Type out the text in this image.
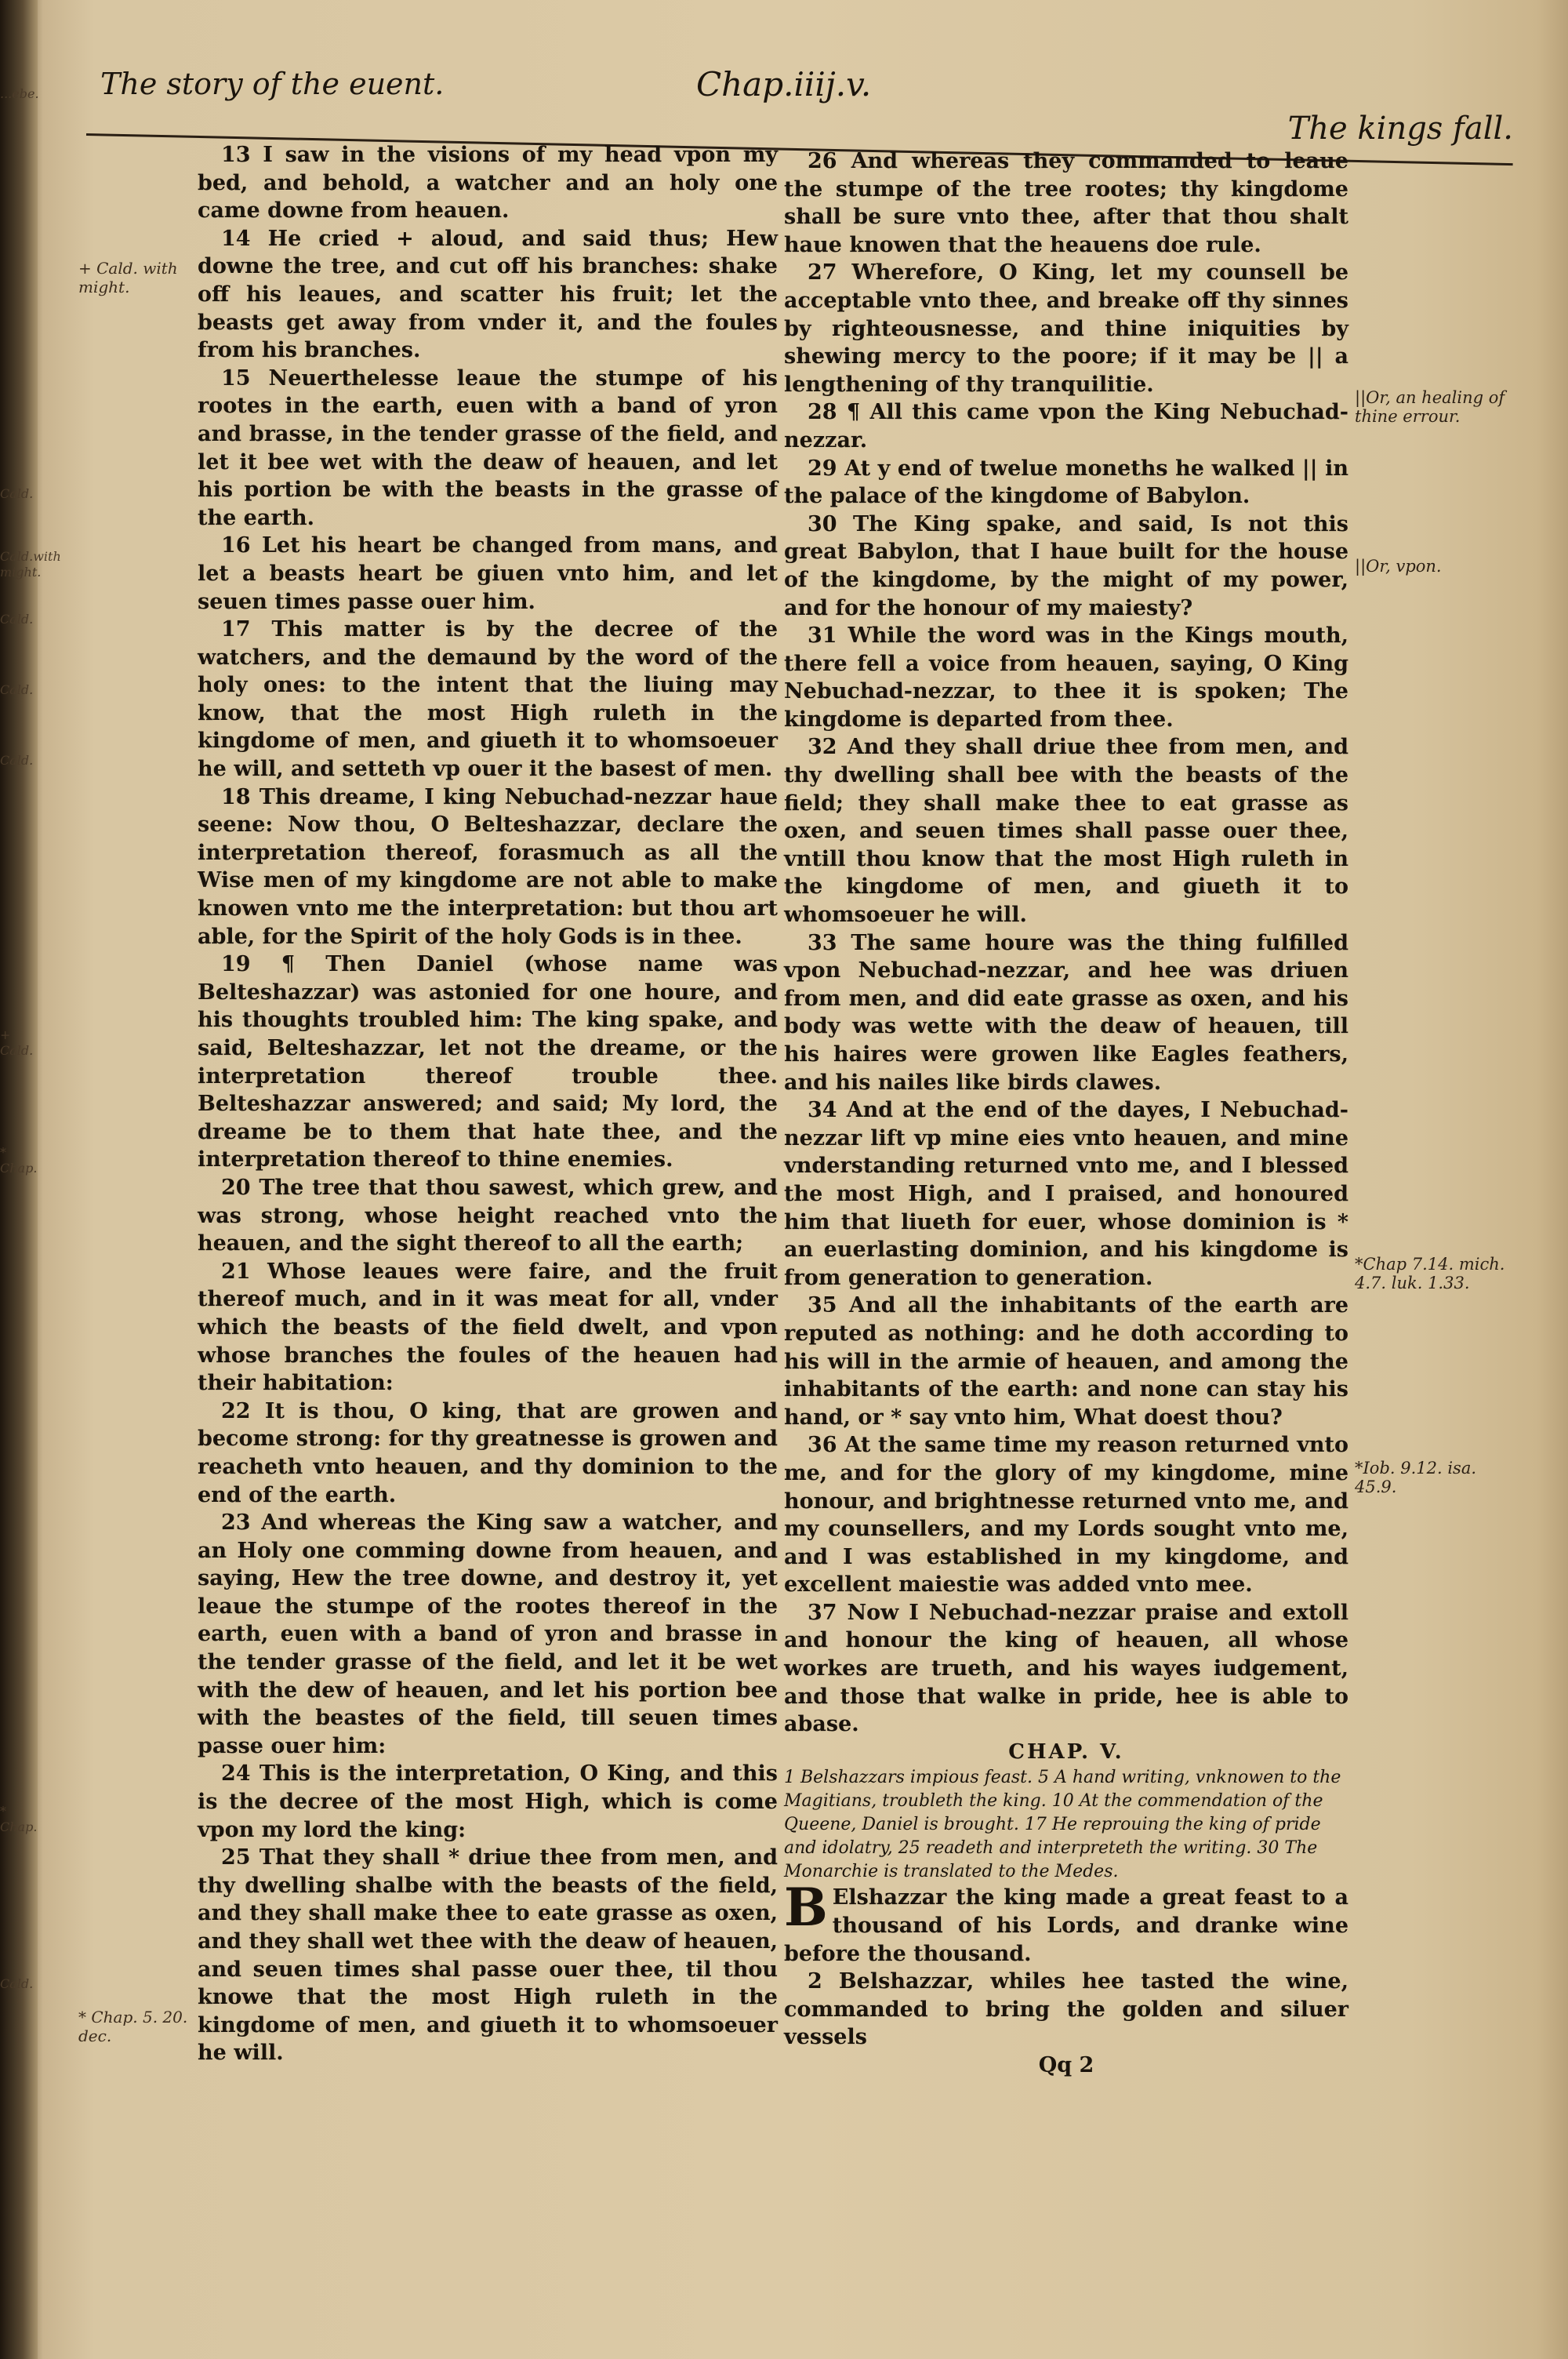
...ebe.
Cald.
Cald.with might.
Cald.
Cald.
Cald.
+ Cald.
* Chap.
* Chap.
Cald.
The story of the euent.	Chap.iiij.v.
The kings fall.
+ Cald. with might.
* Chap. 5. 20. dec.

13 I saw in the visions of my head vpon my bed, and behold, a watcher and an holy one came downe from heauen.

14 He cried + aloud, and said thus; Hew downe the tree, and cut off his branches: shake off his leaues, and scatter his fruit; let the beasts get away from vnder it, and the foules from his branches.

15 Neuerthelesse leaue the stumpe of his rootes in the earth, euen with a band of yron and brasse, in the tender grasse of the field, and let it bee wet with the deaw of heauen, and let his portion be with the beasts in the grasse of the earth.

16 Let his heart be changed from mans, and let a beasts heart be giuen vnto him, and let seuen times passe ouer him.

17 This matter is by the decree of the watchers, and the demaund by the word of the holy ones: to the intent that the liuing may know, that the most High ruleth in the kingdome of men, and giueth it to whomsoeuer he will, and setteth vp ouer it the basest of men.

18 This dreame, I king Nebuchad-nezzar haue seene: Now thou, O Belteshazzar, declare the interpretation thereof, forasmuch as all the Wise men of my kingdome are not able to make knowen vnto me the interpretation: but thou art able, for the Spirit of the holy Gods is in thee.

19 ¶ Then Daniel (whose name was Belteshazzar) was astonied for one houre, and his thoughts troubled him: The king spake, and said, Belteshazzar, let not the dreame, or the interpretation thereof trouble thee. Belteshazzar answered; and said; My lord, the dreame be to them that hate thee, and the interpretation thereof to thine enemies.

20 The tree that thou sawest, which grew, and was strong, whose height reached vnto the heauen, and the sight thereof to all the earth;

21 Whose leaues were faire, and the fruit thereof much, and in it was meat for all, vnder which the beasts of the field dwelt, and vpon whose branches the foules of the heauen had their habitation:

22 It is thou, O king, that are growen and become strong: for thy greatnesse is growen and reacheth vnto heauen, and thy dominion to the end of the earth.

23 And whereas the King saw a watcher, and an Holy one comming downe from heauen, and saying, Hew the tree downe, and destroy it, yet leaue the stumpe of the rootes thereof in the earth, euen with a band of yron and brasse in the tender grasse of the field, and let it be wet with the dew of heauen, and let his portion bee with the beastes of the field, till seuen times passe ouer him:

24 This is the interpretation, O King, and this is the decree of the most High, which is come vpon my lord the king:

25 That they shall * driue thee from men, and thy dwelling shalbe with the beasts of the field, and they shall make thee to eate grasse as oxen, and they shall wet thee with the deaw of heauen, and seuen times shal passe ouer thee, til thou knowe that the most High ruleth in the kingdome of men, and giueth it to whomsoeuer he will.

26 And whereas they commanded to leaue the stumpe of the tree rootes; thy kingdome shall be sure vnto thee, after that thou shalt haue knowen that the heauens doe rule.

27 Wherefore, O King, let my counsell be acceptable vnto thee, and breake off thy sinnes by righteousnesse, and thine iniquities by shewing mercy to the poore; if it may be || a lengthening of thy tranquilitie.

28 ¶ All this came vpon the King Nebuchad-nezzar.

29 At y end of twelue moneths he walked || in the palace of the kingdome of Babylon.

30 The King spake, and said, Is not this great Babylon, that I haue built for the house of the kingdome, by the might of my power, and for the honour of my maiesty?

31 While the word was in the Kings mouth, there fell a voice from heauen, saying, O King Nebuchad-nezzar, to thee it is spoken; The kingdome is departed from thee.

32 And they shall driue thee from men, and thy dwelling shall bee with the beasts of the field; they shall make thee to eat grasse as oxen, and seuen times shall passe ouer thee, vntill thou know that the most High ruleth in the kingdome of men, and giueth it to whomsoeuer he will.

33 The same houre was the thing fulfilled vpon Nebuchad-nezzar, and hee was driuen from men, and did eate grasse as oxen, and his body was wette with the deaw of heauen, till his haires were growen like Eagles feathers, and his nailes like birds clawes.

34 And at the end of the dayes, I Nebuchad-nezzar lift vp mine eies vnto heauen, and mine vnderstanding returned vnto me, and I blessed the most High, and I praised, and honoured him that liueth for euer, whose dominion is * an euerlasting dominion, and his kingdome is from generation to generation.

35 And all the inhabitants of the earth are reputed as nothing: and he doth according to his will in the armie of heauen, and among the inhabitants of the earth: and none can stay his hand, or * say vnto him, What doest thou?

36 At the same time my reason returned vnto me, and for the glory of my kingdome, mine honour, and brightnesse returned vnto me, and my counsellers, and my Lords sought vnto me, and I was established in my kingdome, and excellent maiestie was added vnto mee.

37 Now I Nebuchad-nezzar praise and extoll and honour the king of heauen, all whose workes are trueth, and his wayes iudgement, and those that walke in pride, hee is able to abase.

CHAP. V.

1 Belshazzars impious feast. 5 A hand writing, vnknowen to the Magitians, troubleth the king. 10 At the commendation of the Queene, Daniel is brought. 17 He reprouing the king of pride and idolatry, 25 readeth and interpreteth the writing. 30 The Monarchie is translated to the Medes.

B Elshazzar the king made a great feast to a thousand of his Lords, and dranke wine before the thousand.

2 Belshazzar, whiles hee tasted the wine, commanded to bring the golden and siluer vessels

Qq 2

||Or, an healing of thine errour.
||Or, vpon.
*Chap 7.14. mich. 4.7. luk. 1.33.
*Iob. 9.12. isa. 45.9.
